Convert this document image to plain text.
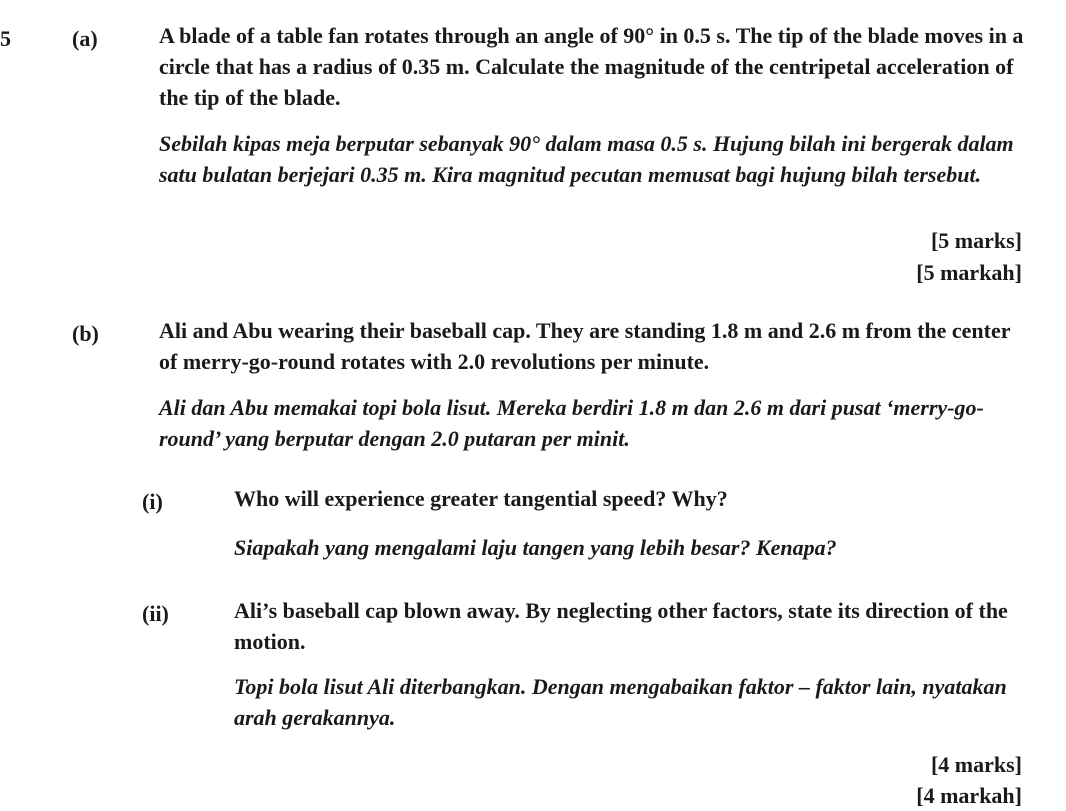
5	(a)	A blade of a table fan rotates through an angle of 90° in 0.5 s. The tip of the blade moves in a circle that has a radius of 0.35 m. Calculate the magnitude of the centripetal acceleration of the tip of the blade.

Sebilah kipas meja berputar sebanyak 90° dalam masa 0.5 s. Hujung bilah ini bergerak dalam satu bulatan berjejari 0.35 m. Kira magnitud pecutan memusat bagi hujung bilah tersebut.

[5 marks]
[5 markah]
(b)	Ali and Abu wearing their baseball cap. They are standing 1.8 m and 2.6 m from the center of merry-go-round rotates with 2.0 revolutions per minute.

Ali dan Abu memakai topi bola lisut. Mereka berdiri 1.8 m dan 2.6 m dari pusat ‘merry-go-round’ yang berputar dengan 2.0 putaran per minit.

(i)	Who will experience greater tangential speed? Why?

Siapakah yang mengalami laju tangen yang lebih besar? Kenapa?

(ii)	Ali’s baseball cap blown away. By neglecting other factors, state its direction of the motion.

Topi bola lisut Ali diterbangkan. Dengan mengabaikan faktor – faktor lain, nyatakan arah gerakannya.

[4 marks]
[4 markah]
